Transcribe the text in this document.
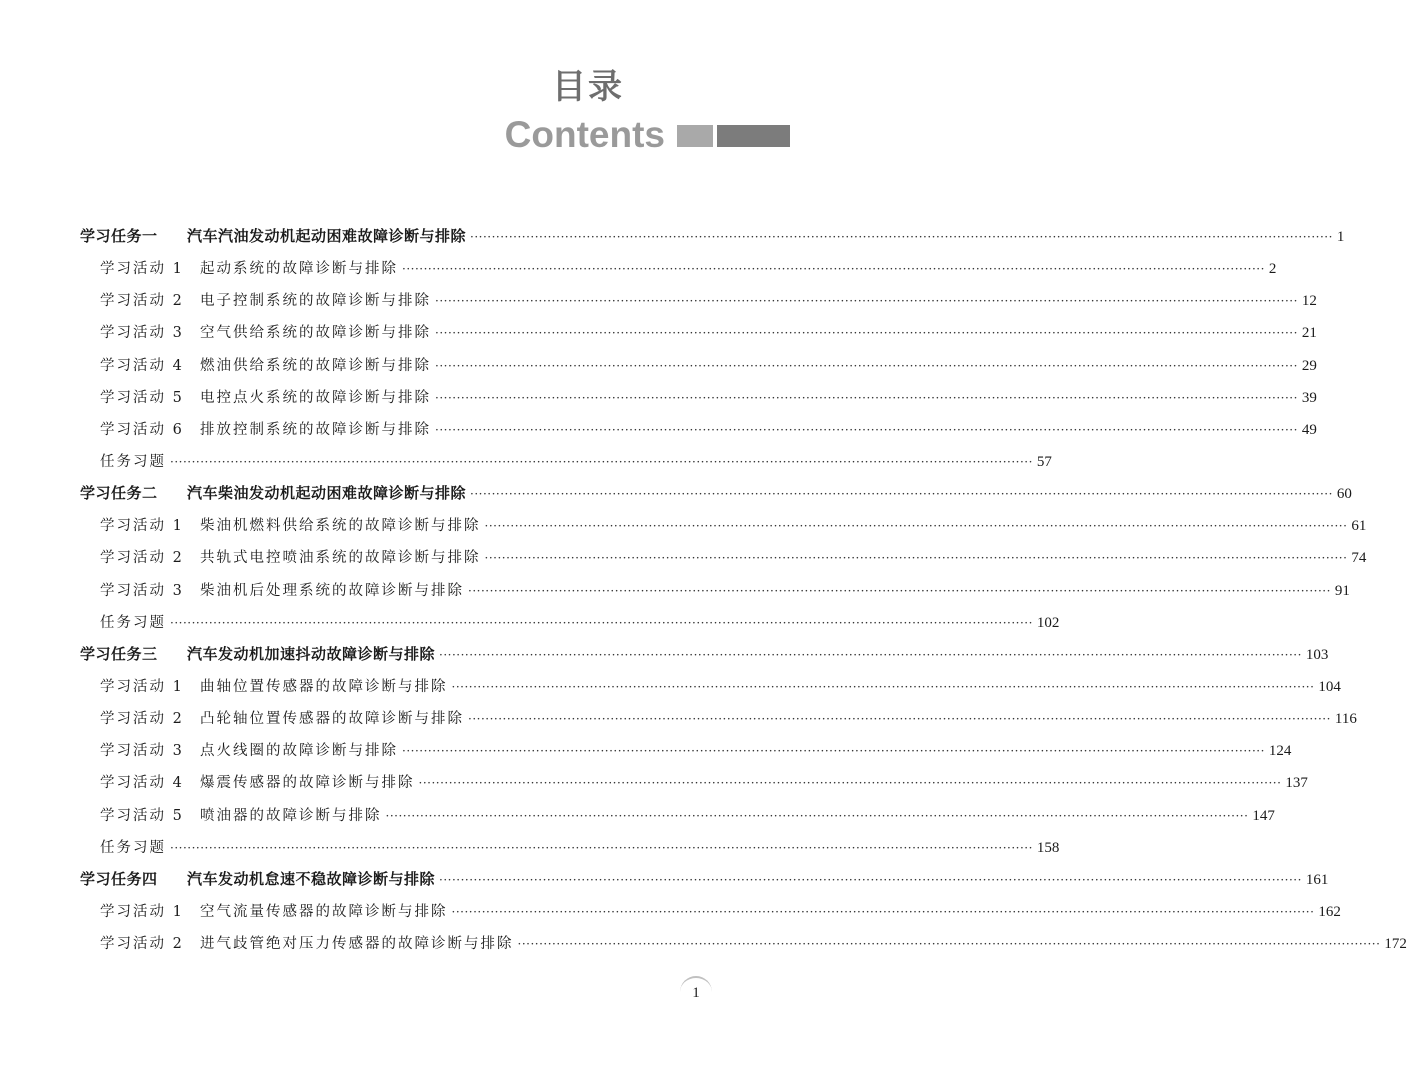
目录
Contents
学习任务一	汽车汽油发动机起动困难故障诊断与排除 ········································································································································································································ 1
学习活动 1	起动系统的故障诊断与排除 ········································································································································································································ 2
学习活动 2	电子控制系统的故障诊断与排除 ········································································································································································································ 12
学习活动 3	空气供给系统的故障诊断与排除 ········································································································································································································ 21
学习活动 4	燃油供给系统的故障诊断与排除 ········································································································································································································ 29
学习活动 5	电控点火系统的故障诊断与排除 ········································································································································································································ 39
学习活动 6	排放控制系统的故障诊断与排除 ········································································································································································································ 49
任务习题 ········································································································································································································ 57
学习任务二	汽车柴油发动机起动困难故障诊断与排除 ········································································································································································································ 60
学习活动 1	柴油机燃料供给系统的故障诊断与排除 ········································································································································································································ 61
学习活动 2	共轨式电控喷油系统的故障诊断与排除 ········································································································································································································ 74
学习活动 3	柴油机后处理系统的故障诊断与排除 ········································································································································································································ 91
任务习题 ········································································································································································································ 102
学习任务三	汽车发动机加速抖动故障诊断与排除 ········································································································································································································ 103
学习活动 1	曲轴位置传感器的故障诊断与排除 ········································································································································································································ 104
学习活动 2	凸轮轴位置传感器的故障诊断与排除 ········································································································································································································ 116
学习活动 3	点火线圈的故障诊断与排除 ········································································································································································································ 124
学习活动 4	爆震传感器的故障诊断与排除 ········································································································································································································ 137
学习活动 5	喷油器的故障诊断与排除 ········································································································································································································ 147
任务习题 ········································································································································································································ 158
学习任务四	汽车发动机怠速不稳故障诊断与排除 ········································································································································································································ 161
学习活动 1	空气流量传感器的故障诊断与排除 ········································································································································································································ 162
学习活动 2	进气歧管绝对压力传感器的故障诊断与排除 ········································································································································································································ 172
1
